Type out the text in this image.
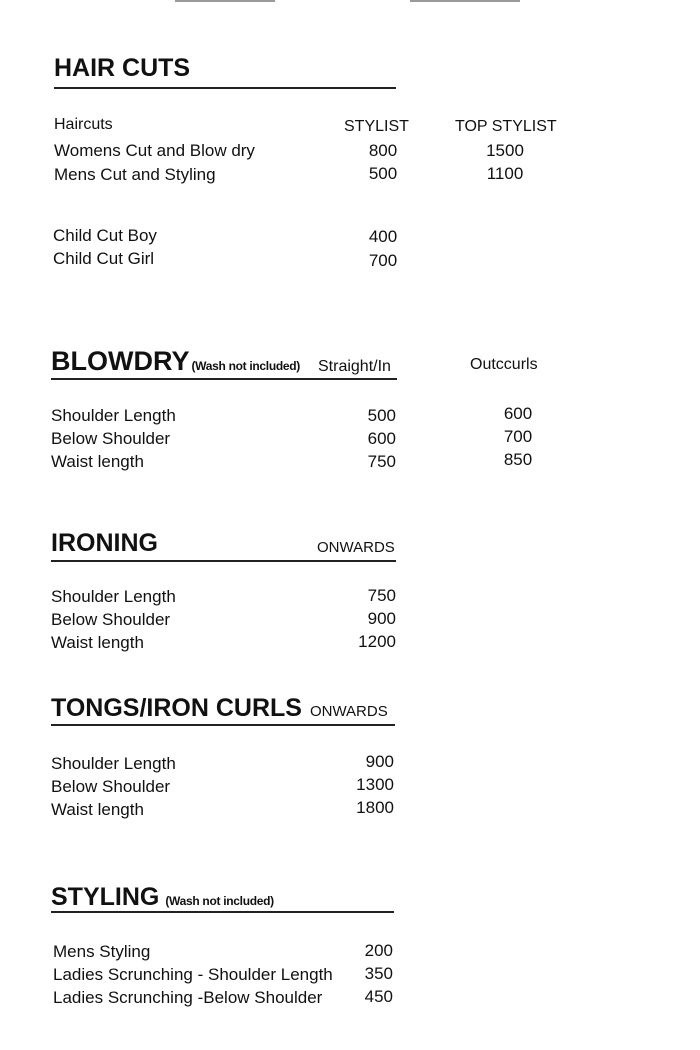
HAIR CUTS
Haircuts	STYLIST	TOP STYLIST
Womens Cut and Blow dry	800	1500
Mens Cut and Styling	500	1100
Child Cut Boy	400
Child Cut Girl	700
BLOWDRY (Wash not included) Straight/In	Outccurls
Shoulder Length	500	600
Below Shoulder	600	700
Waist length	750	850
IRONING	ONWARDS
Shoulder Length	750
Below Shoulder	900
Waist length	1200
TONGS/IRON CURLS ONWARDS
Shoulder Length	900
Below Shoulder	1300
Waist length	1800
STYLING (Wash not included)
Mens Styling	200
Ladies Scrunching - Shoulder Length	350
Ladies Scrunching -Below Shoulder	450
